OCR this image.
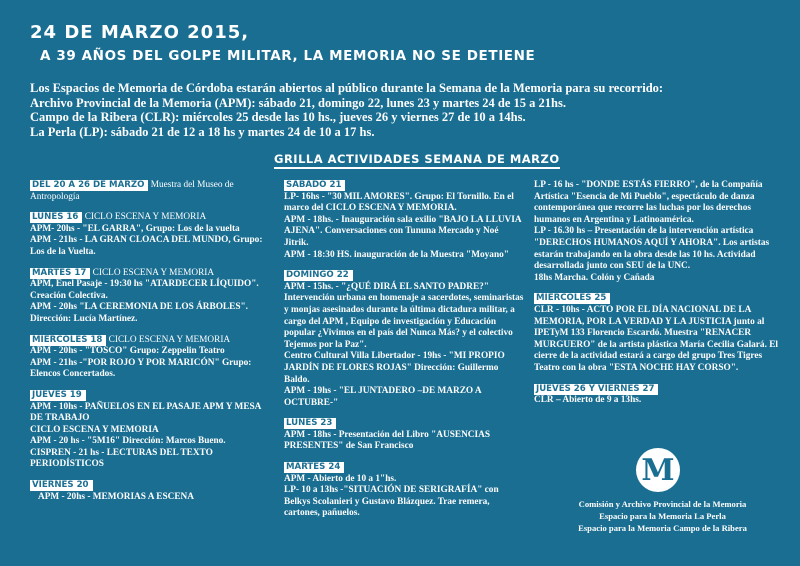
24 DE MARZO 2015,
A 39 AÑOS DEL GOLPE MILITAR, LA MEMORIA NO SE DETIENE
Los Espacios de Memoria de Córdoba estarán abiertos al público durante la Semana de la Memoria para su recorrido:
Archivo Provincial de la Memoria (APM): sábado 21, domingo 22, lunes 23 y martes 24 de 15 a 21hs.
Campo de la Ribera (CLR): miércoles 25 desde las 10 hs., jueves 26 y viernes 27 de 10 a 14hs.
La Perla (LP): sábado 21 de 12 a 18 hs y martes 24 de 10 a 17 hs.
GRILLA ACTIVIDADES SEMANA DE MARZO
DEL 20 A 26 DE MARZO Muestra del Museo de Antropología
LUNES 16 CICLO ESCENA Y MEMORIA
APM- 20hs - "EL GARRA", Grupo: Los de la vuelta
APM - 21hs - LA GRAN CLOACA DEL MUNDO, Grupo: Los de la Vuelta.
MARTES 17 CICLO ESCENA Y MEMORIA
APM, Enel Pasaje - 19:30 hs "ATARDECER LÍQUIDO".
Creación Colectiva.
APM - 20hs "LA CEREMONIA DE LOS ÁRBOLES". Dirección: Lucía Martínez.
MIÉRCOLES 18 CICLO ESCENA Y MEMORIA
APM - 20hs - "TOSCO" Grupo: Zeppelin Teatro
APM - 21hs -"POR ROJO Y POR MARICÓN" Grupo: Elencos Concertados.
JUEVES 19
APM - 10hs - PAÑUELOS EN EL PASAJE APM Y MESA DE TRABAJO
CICLO ESCENA Y MEMORIA
APM - 20 hs - "5M16" Dirección: Marcos Bueno.
CISPREN - 21 hs - LECTURAS DEL TEXTO PERIODÍSTICOS
VIERNES 20
APM - 20hs - MEMORIAS A ESCENA
SÁBADO 21
LP- 16hs - "30 MIL AMORES". Grupo: El Tornillo. En el marco del CICLO ESCENA Y MEMORIA.
APM - 18hs. - Inauguración sala exilio "BAJO LA LLUVIA AJENA". Conversaciones con Tununa Mercado y Noé Jitrik.
APM - 18:30 HS. inauguración de la Muestra "Moyano"
DOMINGO 22
APM - 15hs. - "¿QUÉ DIRÁ EL SANTO PADRE?" Intervención urbana en homenaje a sacerdotes, seminaristas y monjas asesinados durante la última dictadura militar, a cargo del APM , Equipo de investigación y Educación popular ¿Vivimos en el país del Nunca Más? y el colectivo Tejemos por la Paz".
Centro Cultural Villa Libertador - 19hs - "MI PROPIO JARDÍN DE FLORES ROJAS" Dirección: Guillermo Baldo.
APM - 19hs - "EL JUNTADERO –DE MARZO A OCTUBRE-"
LUNES 23
APM - 18hs - Presentación del Libro "AUSENCIAS PRESENTES" de San Francisco
MARTES 24
APM - Abierto de 10 a 1"hs.
LP- 10 a 13hs -"SITUACIÓN DE SERIGRAFÍA" con Belkys Scolanieri y Gustavo Blázquez. Trae remera, cartones, pañuelos.
LP - 16 hs - "DONDE ESTÁS FIERRO", de la Compañía Artística "Esencia de Mi Pueblo", espectáculo de danza contemporánea que recorre las luchas por los derechos humanos en Argentina y Latinoamérica.
LP - 16.30 hs – Presentación de la intervención artística "DERECHOS HUMANOS AQUÍ Y AHORA". Los artistas estarán trabajando en la obra desde las 10 hs. Actividad desarrollada junto con SEU de la UNC.
18hs Marcha. Colón y Cañada
MIÉRCOLES 25
CLR - 10hs - ACTO POR EL DÍA NACIONAL DE LA MEMORIA, POR LA VERDAD Y LA JUSTICIA junto al IPETyM 133 Florencio Escardó. Muestra "RENACER MURGUERO" de la artista plástica María Cecilia Galará. El cierre de la actividad estará a cargo del grupo Tres Tigres Teatro con la obra "ESTA NOCHE HAY CORSO".
JUEVES 26 Y VIERNES 27
CLR – Abierto de 9 a 13hs.
M
Comisión y Archivo Provincial de la Memoria
Espacio para la Memoria La Perla
Espacio para la Memoria Campo de la Ribera
